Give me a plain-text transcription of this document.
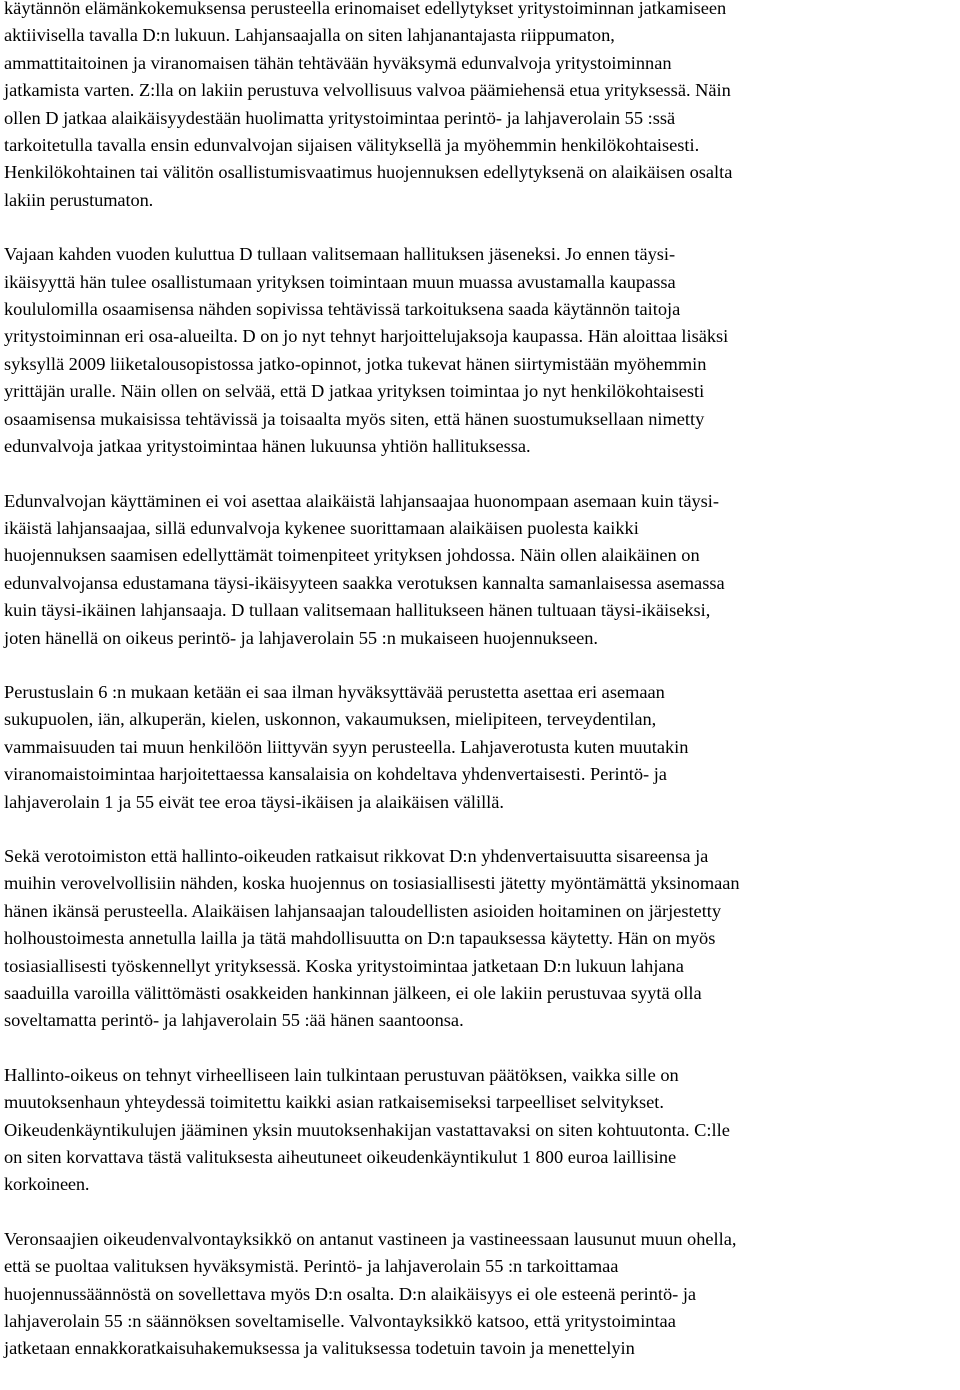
käytännön elämänkokemuksensa perusteella erinomaiset edellytykset yritystoiminnan jatkamiseen
aktiivisella tavalla D:n lukuun. Lahjansaajalla on siten lahjanantajasta riippumaton,
ammattitaitoinen ja viranomaisen tähän tehtävään hyväksymä edunvalvoja yritystoiminnan
jatkamista varten. Z:lla on lakiin perustuva velvollisuus valvoa päämiehensä etua yrityksessä. Näin
ollen D jatkaa alaikäisyydestään huolimatta yritystoimintaa perintö- ja lahjaverolain 55 :ssä
tarkoitetulla tavalla ensin edunvalvojan sijaisen välityksellä ja myöhemmin henkilökohtaisesti.
Henkilökohtainen tai välitön osallistumisvaatimus huojennuksen edellytyksenä on alaikäisen osalta
lakiin perustumaton.
Vajaan kahden vuoden kuluttua D tullaan valitsemaan hallituksen jäseneksi. Jo ennen täysi-
ikäisyyttä hän tulee osallistumaan yrityksen toimintaan muun muassa avustamalla kaupassa
koululomilla osaamisensa nähden sopivissa tehtävissä tarkoituksena saada käytännön taitoja
yritystoiminnan eri osa-alueilta. D on jo nyt tehnyt harjoittelujaksoja kaupassa. Hän aloittaa lisäksi
syksyllä 2009 liiketalousopistossa jatko-opinnot, jotka tukevat hänen siirtymistään myöhemmin
yrittäjän uralle. Näin ollen on selvää, että D jatkaa yrityksen toimintaa jo nyt henkilökohtaisesti
osaamisensa mukaisissa tehtävissä ja toisaalta myös siten, että hänen suostumuksellaan nimetty
edunvalvoja jatkaa yritystoimintaa hänen lukuunsa yhtiön hallituksessa.
Edunvalvojan käyttäminen ei voi asettaa alaikäistä lahjansaajaa huonompaan asemaan kuin täysi-
ikäistä lahjansaajaa, sillä edunvalvoja kykenee suorittamaan alaikäisen puolesta kaikki
huojennuksen saamisen edellyttämät toimenpiteet yrityksen johdossa. Näin ollen alaikäinen on
edunvalvojansa edustamana täysi-ikäisyyteen saakka verotuksen kannalta samanlaisessa asemassa
kuin täysi-ikäinen lahjansaaja. D tullaan valitsemaan hallitukseen hänen tultuaan täysi-ikäiseksi,
joten hänellä on oikeus perintö- ja lahjaverolain 55 :n mukaiseen huojennukseen.
Perustuslain 6 :n mukaan ketään ei saa ilman hyväksyttävää perustetta asettaa eri asemaan
sukupuolen, iän, alkuperän, kielen, uskonnon, vakaumuksen, mielipiteen, terveydentilan,
vammaisuuden tai muun henkilöön liittyvän syyn perusteella. Lahjaverotusta kuten muutakin
viranomaistoimintaa harjoitettaessa kansalaisia on kohdeltava yhdenvertaisesti. Perintö- ja
lahjaverolain 1 ja 55 eivät tee eroa täysi-ikäisen ja alaikäisen välillä.
Sekä verotoimiston että hallinto-oikeuden ratkaisut rikkovat D:n yhdenvertaisuutta sisareensa ja
muihin verovelvollisiin nähden, koska huojennus on tosiasiallisesti jätetty myöntämättä yksinomaan
hänen ikänsä perusteella. Alaikäisen lahjansaajan taloudellisten asioiden hoitaminen on järjestetty
holhoustoimesta annetulla lailla ja tätä mahdollisuutta on D:n tapauksessa käytetty. Hän on myös
tosiasiallisesti työskennellyt yrityksessä. Koska yritystoimintaa jatketaan D:n lukuun lahjana
saaduilla varoilla välittömästi osakkeiden hankinnan jälkeen, ei ole lakiin perustuvaa syytä olla
soveltamatta perintö- ja lahjaverolain 55 :ää hänen saantoonsa.
Hallinto-oikeus on tehnyt virheelliseen lain tulkintaan perustuvan päätöksen, vaikka sille on
muutoksenhaun yhteydessä toimitettu kaikki asian ratkaisemiseksi tarpeelliset selvitykset.
Oikeudenkäyntikulujen jääminen yksin muutoksenhakijan vastattavaksi on siten kohtuutonta. C:lle
on siten korvattava tästä valituksesta aiheutuneet oikeudenkäyntikulut 1 800 euroa laillisine
korkoineen.
Veronsaajien oikeudenvalvontayksikkö on antanut vastineen ja vastineessaan lausunut muun ohella,
että se puoltaa valituksen hyväksymistä. Perintö- ja lahjaverolain 55 :n tarkoittamaa
huojennussäännöstä on sovellettava myös D:n osalta. D:n alaikäisyys ei ole esteenä perintö- ja
lahjaverolain 55 :n säännöksen soveltamiselle. Valvontayksikkö katsoo, että yritystoimintaa
jatketaan ennakkoratkaisuhakemuksessa ja valituksessa todetuin tavoin ja menettelyin
